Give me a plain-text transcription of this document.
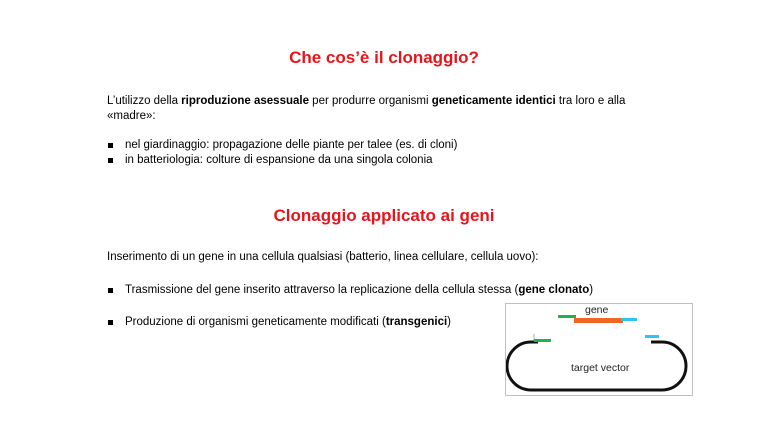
Che cos’è il clonaggio?
L’utilizzo della riproduzione asessuale per produrre organismi geneticamente identici tra loro e alla «madre»:
nel giardinaggio: propagazione delle piante per talee (es. di cloni)
in batteriologia: colture di espansione da una singola colonia
Clonaggio applicato ai geni
Inserimento di un gene in una cellula qualsiasi (batterio, linea cellulare, cellula uovo):
Trasmissione del gene inserito attraverso la replicazione della cellula stessa (gene clonato)
Produzione di organismi geneticamente modificati (transgenici)
gene
target vector
